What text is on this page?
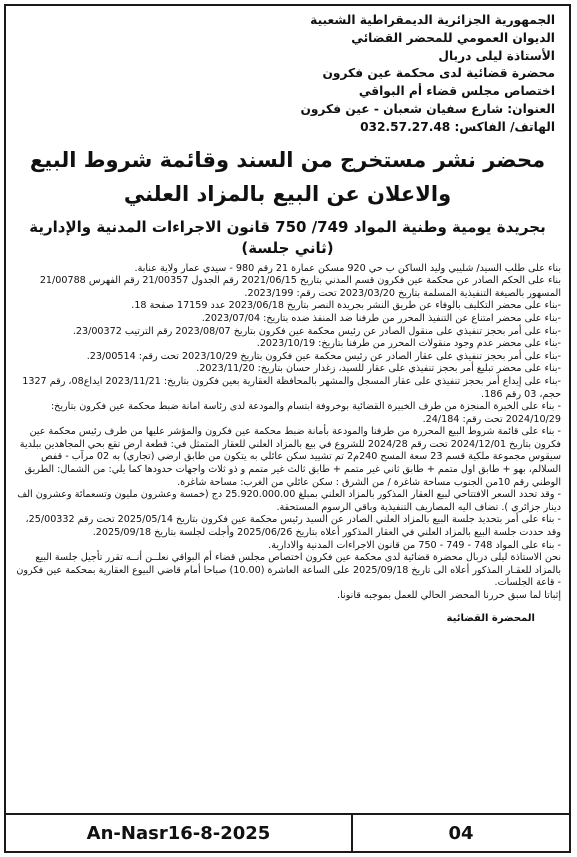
الجمهورية الجزائرية الديمقراطية الشعبية
الديوان العمومي للمحضر القضائي
الأستاذة ليلى دربال
محضرة قضائية لدى محكمة عين فكرون
اختصاص مجلس قضاء أم البواقي
العنوان: شارع سفيان شعبان - عين فكرون
الهاتف/ الفاكس: 032.57.27.48
محضر نشر مستخرج من السند وقائمة شروط البيع والاعلان عن البيع بالمزاد العلني
بجريدة يومية وطنية المواد 749/ 750 قانون الاجراءات المدنية والإدارية (ثاني جلسة)

بناء على طلب السيد/ شليبي وليد الساكن ب حي 920 مسكن عمارة 21 رقم 980 - سيدي عمار ولاية عنابة.

بناء على الحكم الصادر عن محكمة عين فكرون قسم المدني بتاريخ 2021/06/15 رقم الجدول 21/00357 رقم الفهرس 21/00788 المسهور بالصيغة التنفيذية المسلمة بتاريخ 2023/03/20 تحت رقم: 2023/199.

-بناء على محضر التكليف بالوفاء عن طريق النشر بجريدة النصر بتاريخ 2023/06/18 عدد 17159 صفحة 18.

-بناء على محضر امتناع عن التنفيذ المحرر من طرفنا ضد المنفذ ضده بتاريخ: 2023/07/04.

-بناء على أمر بحجز تنفيذي على منقول الصادر عن رئيس محكمة عين فكرون بتاريخ 2023/08/07 رقم الترتيب 23/00372.

-بناء على محضر عدم وجود منقولات المحرر من طرفنا بتاريخ: 2023/10/19.

-بناء على أمر بحجز تنفيذي على عقار الصادر عن رئيس محكمة عين فكرون بتاريخ 2023/10/29 تحت رقم: 23/00514.

-بناء على محضر تبليغ أمر بحجز تنفيذي على عقار للسيد، زغدار حسان بتاريخ: 2023/11/20.

-بناء على إيداع أمر بحجز تنفيذي على عقار المسجل والمشهر بالمحافظة العقارية بعين فكرون بتاريخ: 2023/11/21 ايداع08، رقم 1327 حجم، 03 رقم 186.

- بناء على الخبرة المنجزة من طرف الخبيرة القضائية بوخروفة ابتسام والمودعة لدى رئاسة امانة ضبط محكمة عين فكرون بتاريخ: 2024/10/29 تحت رقم: 24/184.

- بناء على قائمة شروط البيع المحررة من طرفنا والمودعة بأمانة ضبط محكمة عين فكرون والمؤشر عليها من طرف رئيس محكمة عين فكرون بتاريخ 2024/12/01 تحت رقم 2024/28 للشروع في بيع بالمزاد العلني للعقار المتمثل في: قطعة ارض تقع بحي المجاهدين ببلدية سيقوس مجموعة ملكية قسم 23 سعة المسح 240م2 تم تشييد سكن عائلي به يتكون من طابق ارضي (تجاري) به 02 مرآب - قفص السلالم، بهو + طابق اول متمم + طابق ثاني غير متمم + طابق ثالث غير متمم و ذو ثلاث واجهات حدودها كما يلي: من الشمال: الطريق الوطني رقم 10من الجنوب مساحة شاغرة / من الشرق : سكن عائلي من الغرب: مساحة شاغرة.

- وقد تحدد السعر الافتتاحي لبيع العقار المذكور بالمزاد العلني بمبلغ 25.920.000.00 دج (خمسة وعشرون مليون وتسعمائة وعشرون الف دينار جزائري ). تضاف اليه المصاريف التنفيذية وباقي الرسوم المستحقة.

- بناء على أمر بتحديد جلسة البيع بالمزاد العلني الصادر عن السيد رئيس محكمة عين فكرون بتاريخ 2025/05/14 تحت رقم 25/00332، وقد حددت جلسة البيع بالمزاد العلني في العقار المذكور أعلاه بتاريخ 2025/06/26 وأجلت لجلسة بتاريخ 2025/09/18.

- بناء على المواد 748 - 749 - 750 من قانون الاجراءات المدنية والادارية.

نحن الاستاذة ليلى دربال محضرة قضائية لدى محكمة عين فكرون اختصاص مجلس قضاء أم البواقي نعلــن أنــه تقرر تأجيل جلسة البيع بالمزاد للعقـار المذكور أعلاه الى تاريخ 2025/09/18 على الساعة العاشرة (10.00) صباحا أمام قاضي البيوع العقارية بمحكمة عين فكرون - قاعة الجلسات.

إثباتا لما سبق حررنا المحضر الحالي للعمل بموجبه قانونا.

المحضرة القضائية
An-Nasr16-8-2025	04
